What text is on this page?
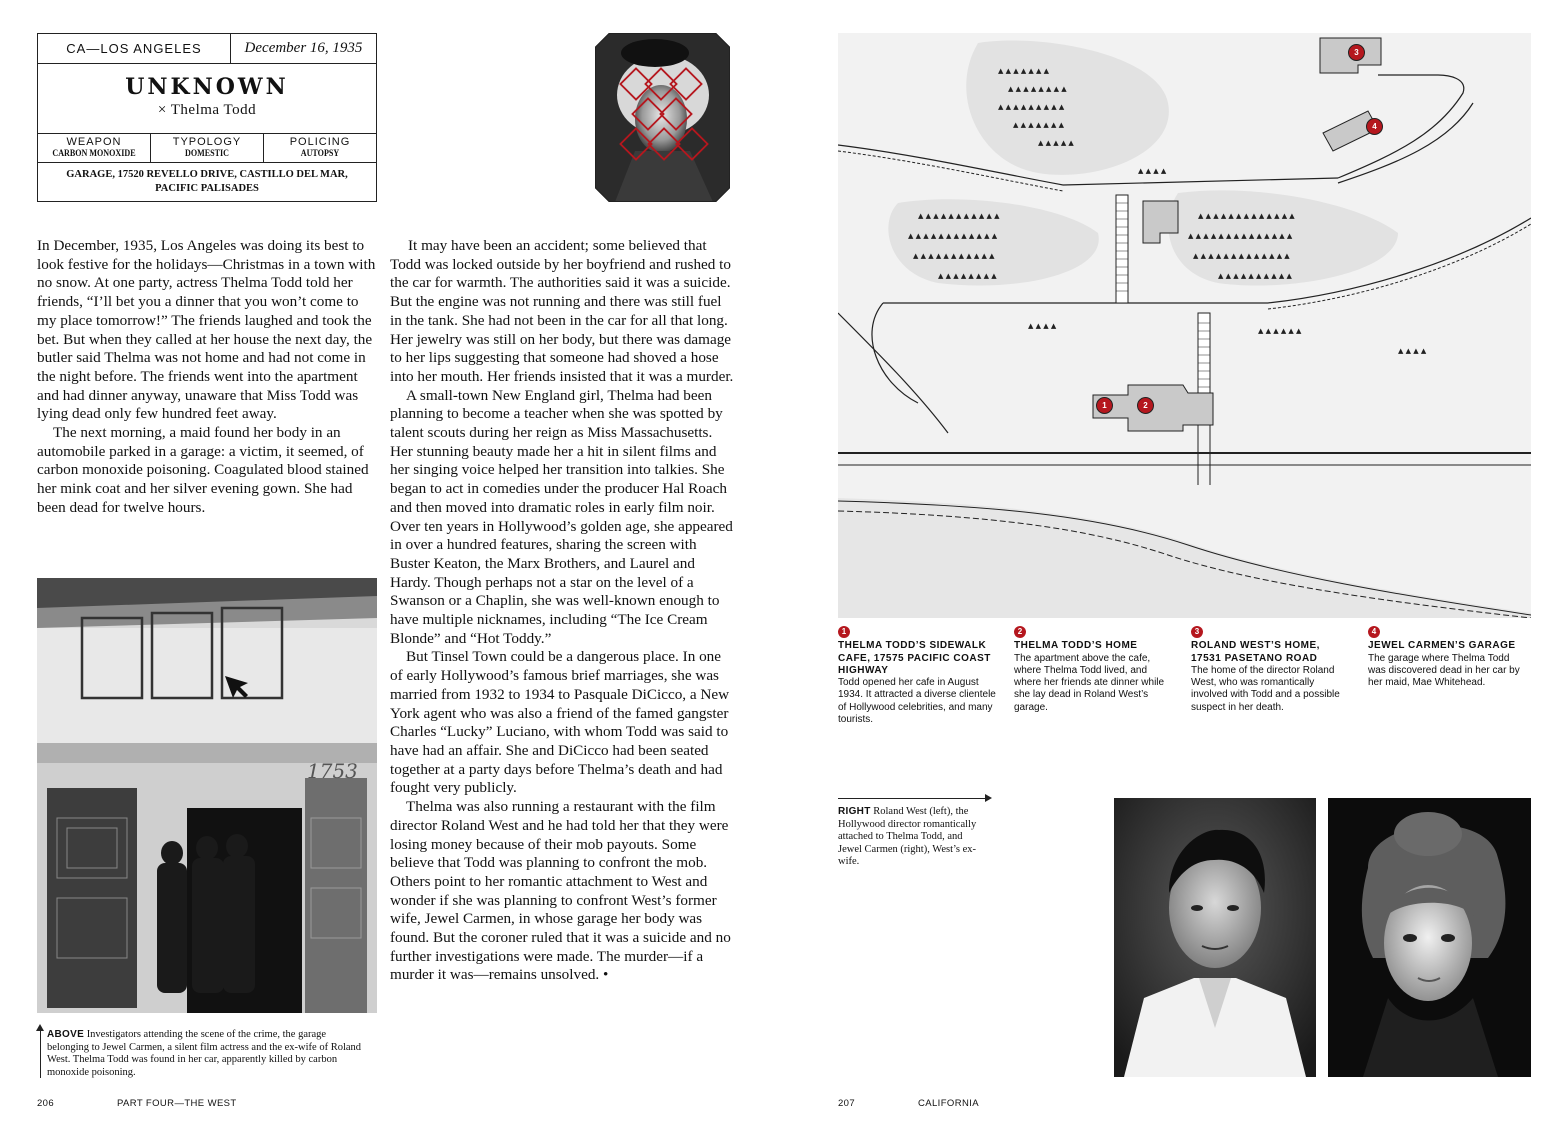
CA—LOS ANGELES	December 16, 1935
UNKNOWN
× Thelma Todd
WEAPON
CARBON MONOXIDE
TYPOLOGY
DOMESTIC
POLICING
AUTOPSY
GARAGE, 17520 REVELLO DRIVE, CASTILLO DEL MAR,
PACIFIC PALISADES

In December, 1935, Los Angeles was doing its best to look festive for the holidays—Christmas in a town with no snow. At one party, actress Thelma Todd told her friends, “I’ll bet you a dinner that you won’t come to my place tomorrow!” The friends laughed and took the bet. But when they called at her house the next day, the butler said Thelma was not home and had not come in the night before. The friends went into the apartment and had dinner anyway, unaware that Miss Todd was lying dead only few hundred feet away.

The next morning, a maid found her body in an automobile parked in a garage: a victim, it seemed, of carbon monoxide poisoning. Coagulated blood stained her mink coat and her silver evening gown. She had been dead for twelve hours.

It may have been an accident; some believed that Todd was locked outside by her boyfriend and rushed to the car for warmth. The authorities said it was a suicide. But the engine was not running and there was still fuel in the tank. She had not been in the car for all that long. Her jewelry was still on her body, but there was damage to her lips suggesting that someone had shoved a hose into her mouth. Her friends insisted that it was a murder.

A small-town New England girl, Thelma had been planning to become a teacher when she was spotted by talent scouts during her reign as Miss Massachusetts. Her stunning beauty made her a hit in silent films and her singing voice helped her transition into talkies. She began to act in comedies under the producer Hal Roach and then moved into dramatic roles in early film noir. Over ten years in Hollywood’s golden age, she appeared in over a hundred features, sharing the screen with Buster Keaton, the Marx Brothers, and Laurel and Hardy. Though perhaps not a star on the level of a Swanson or a Chaplin, she was well-known enough to have multiple nicknames, including “The Ice Cream Blonde” and “Hot Toddy.”

But Tinsel Town could be a dangerous place. In one of early Hollywood’s famous brief marriages, she was married from 1932 to 1934 to Pasquale DiCicco, a New York agent who was also a friend of the famed gangster Charles “Lucky” Luciano, with whom Todd was said to have had an affair. She and DiCicco had been seated together at a party days before Thelma’s death and had fought very publicly.

Thelma was also running a restaurant with the film director Roland West and he had told her that they were losing money because of their mob payouts. Some believe that Todd was planning to confront the mob. Others point to her romantic attachment to West and wonder if she was planning to confront West’s former wife, Jewel Carmen, in whose garage her body was found. But the coroner ruled that it was a suicide and no further investigations were made. The murder—if a murder it was—remains unsolved. •

1753
ABOVE Investigators attending the scene of the crime, the garage belonging to Jewel Carmen, a silent film actress and the ex-wife of Roland West. Thelma Todd was found in her car, apparently killed by carbon monoxide poisoning.
▲ ▲ ▲ ▲ ▲ ▲ ▲
▲ ▲ ▲ ▲ ▲ ▲ ▲ ▲
▲ ▲ ▲ ▲ ▲ ▲ ▲ ▲ ▲
▲ ▲ ▲ ▲ ▲ ▲ ▲
▲ ▲ ▲ ▲ ▲
▲ ▲ ▲ ▲ ▲ ▲ ▲ ▲ ▲ ▲ ▲
▲ ▲ ▲ ▲ ▲ ▲ ▲ ▲ ▲ ▲ ▲ ▲
▲ ▲ ▲ ▲ ▲ ▲ ▲ ▲ ▲ ▲ ▲
▲ ▲ ▲ ▲ ▲ ▲ ▲ ▲
▲ ▲ ▲ ▲ ▲ ▲ ▲ ▲ ▲ ▲ ▲ ▲ ▲
▲ ▲ ▲ ▲ ▲ ▲ ▲ ▲ ▲ ▲ ▲ ▲ ▲ ▲
▲ ▲ ▲ ▲ ▲ ▲ ▲ ▲ ▲ ▲ ▲ ▲ ▲
▲ ▲ ▲ ▲ ▲ ▲ ▲ ▲ ▲ ▲
▲ ▲ ▲ ▲
▲ ▲ ▲ ▲ ▲ ▲
▲ ▲ ▲ ▲
▲ ▲ ▲ ▲
1	2
3
4
1
THELMA TODD’S SIDEWALK CAFE, 17575 PACIFIC COAST HIGHWAY
Todd opened her cafe in August 1934. It attracted a diverse clientele of Hollywood celebrities, and many tourists.
2
THELMA TODD’S HOME
The apartment above the cafe, where Thelma Todd lived, and where her friends ate dinner while she lay dead in Roland West’s garage.
3
ROLAND WEST’S HOME, 17531 PASETANO ROAD
The home of the director Roland West, who was romantically involved with Todd and a possible suspect in her death.
4
JEWEL CARMEN’S GARAGE
The garage where Thelma Todd was discovered dead in her car by her maid, Mae Whitehead.
RIGHT Roland West (left), the Hollywood director romantically attached to Thelma Todd, and Jewel Carmen (right), West’s ex-wife.
206	PART FOUR—THE WEST	207	CALIFORNIA
